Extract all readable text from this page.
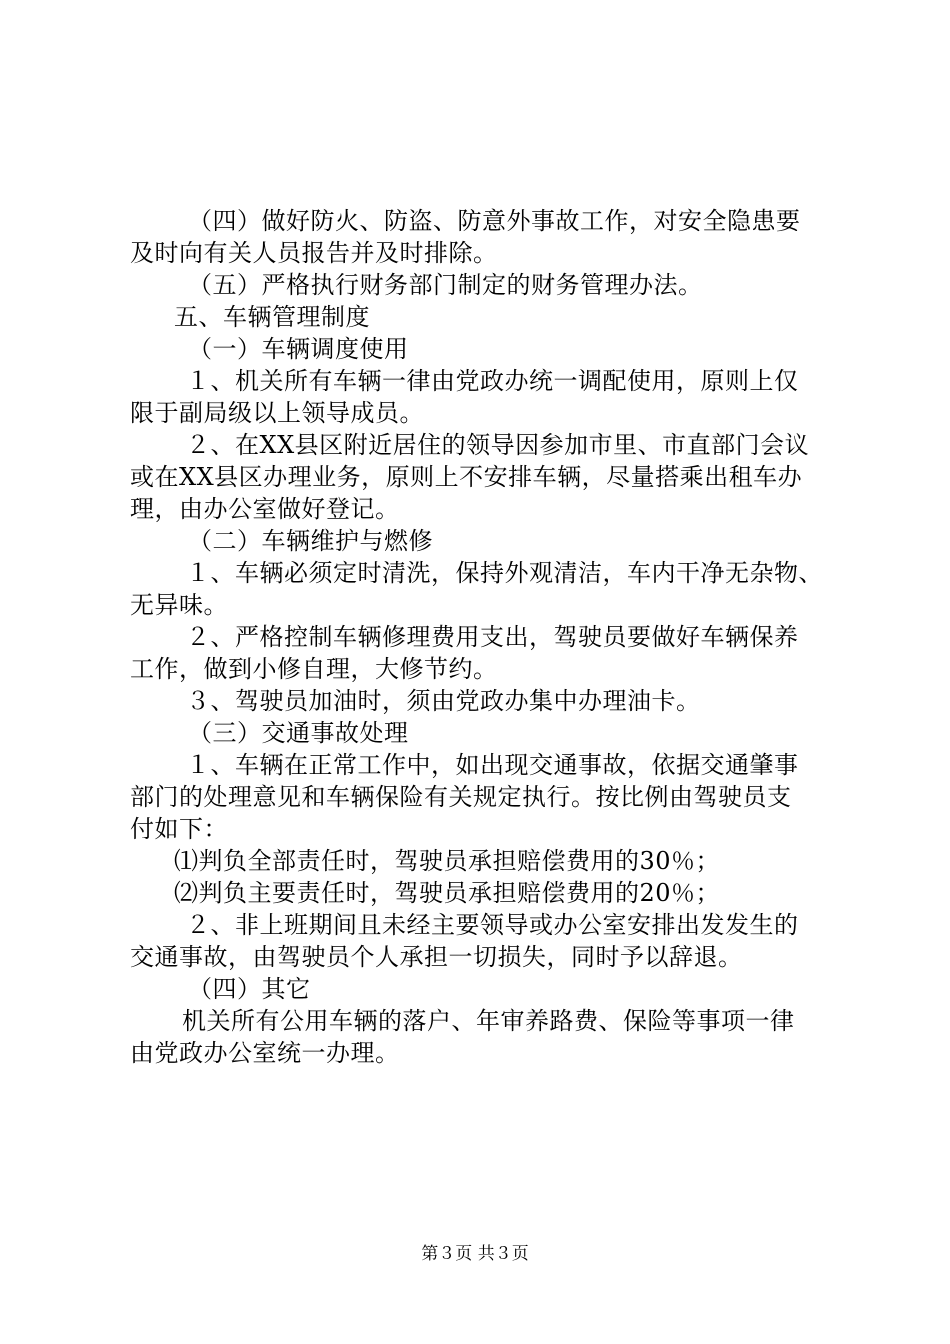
（四）做好防火、防盗、防意外事故工作，对安全隐患要
及时向有关人员报告并及时排除。
（五）严格执行财务部门制定的财务管理办法。
五、车辆管理制度
（一）车辆调度使用
１、机关所有车辆一律由党政办统一调配使用，原则上仅
限于副局级以上领导成员。
２、在XX县区附近居住的领导因参加市里、市直部门会议
或在XX县区办理业务，原则上不安排车辆，尽量搭乘出租车办
理，由办公室做好登记。
（二）车辆维护与燃修
１、车辆必须定时清洗，保持外观清洁，车内干净无杂物、
无异味。
２、严格控制车辆修理费用支出，驾驶员要做好车辆保养
工作，做到小修自理，大修节约。
３、驾驶员加油时，须由党政办集中办理油卡。
（三）交通事故处理
１、车辆在正常工作中，如出现交通事故，依据交通肇事
部门的处理意见和车辆保险有关规定执行。按比例由驾驶员支
付如下：
⑴判负全部责任时，驾驶员承担赔偿费用的30％；
⑵判负主要责任时，驾驶员承担赔偿费用的20％；
２、非上班期间且未经主要领导或办公室安排出发发生的
交通事故，由驾驶员个人承担一切损失，同时予以辞退。
（四）其它
机关所有公用车辆的落户、年审养路费、保险等事项一律
由党政办公室统一办理。
第３页 共３页
